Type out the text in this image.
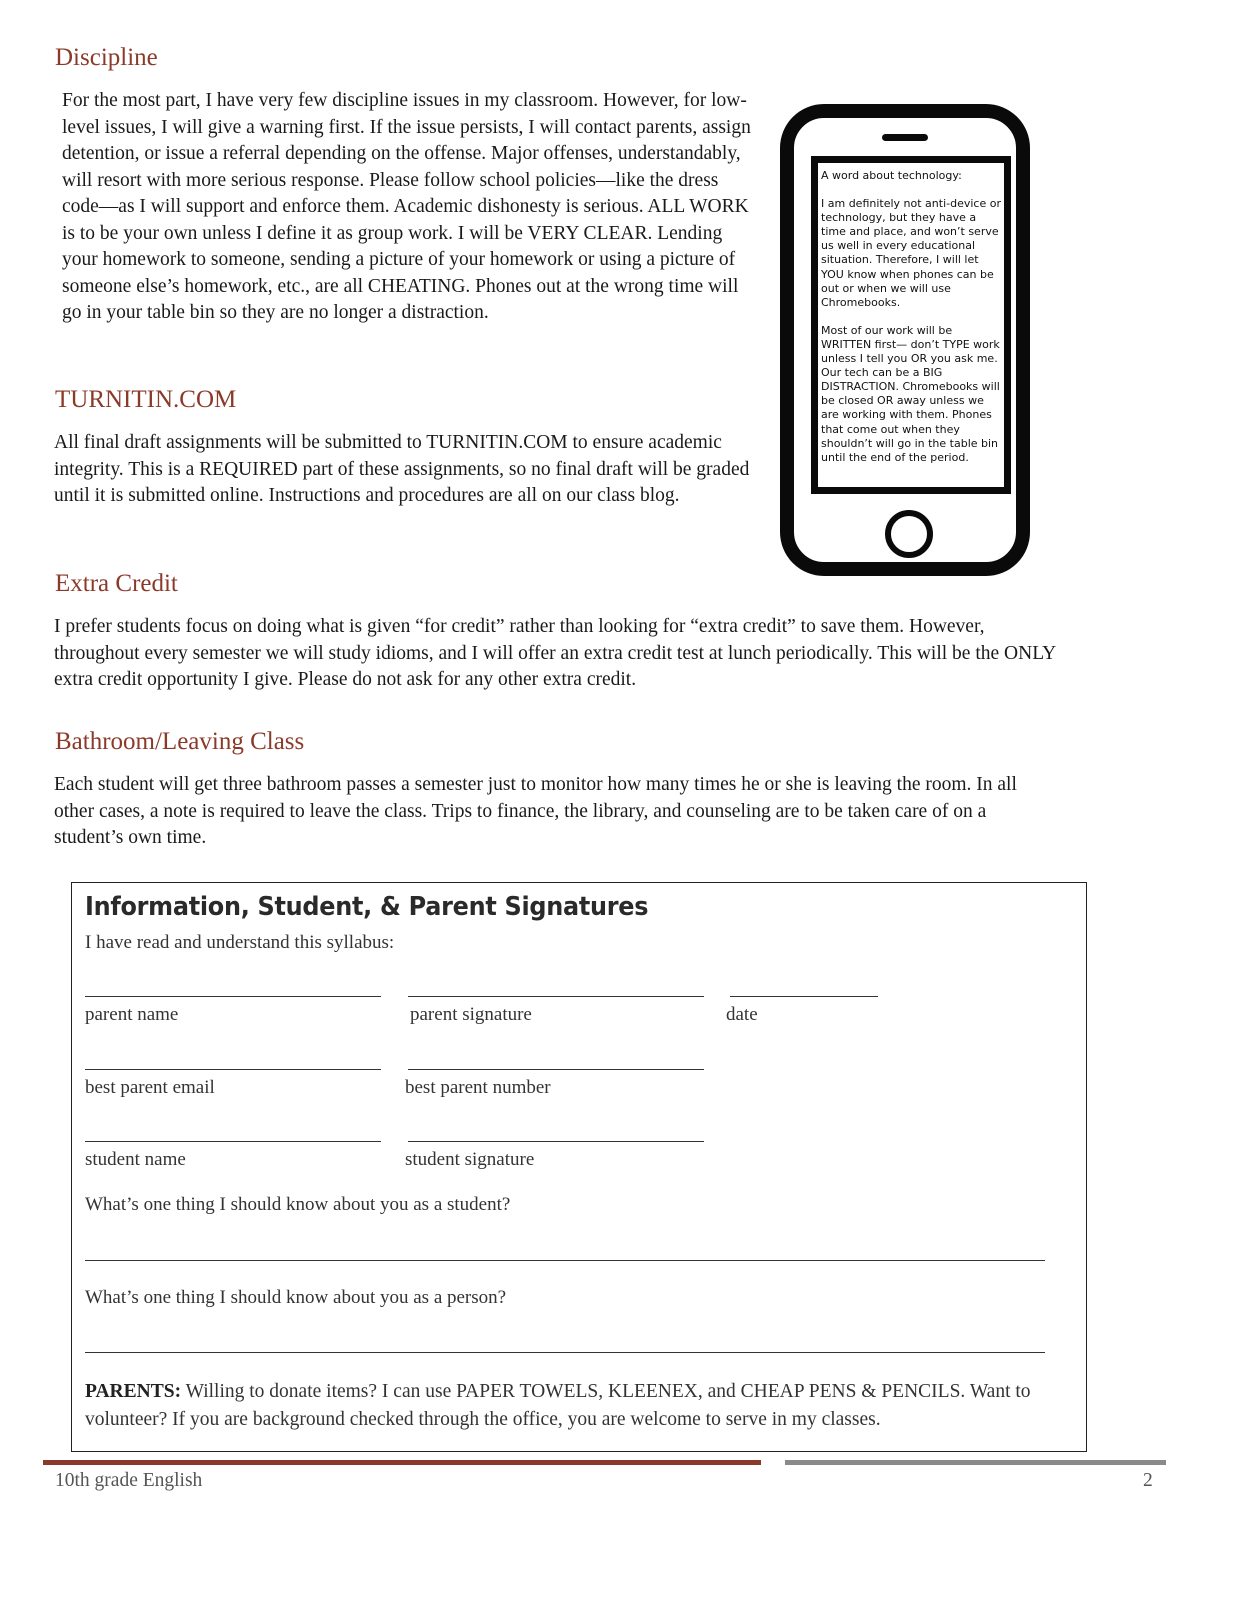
Discipline

For the most part, I have very few discipline issues in my classroom. However, for low-level issues, I will give a warning first. If the issue persists, I will contact parents, assign detention, or issue a referral depending on the offense. Major offenses, understandably, will resort with more serious response. Please follow school policies—like the dress code—as I will support and enforce them. Academic dishonesty is serious. ALL WORK is to be your own unless I define it as group work. I will be VERY CLEAR. Lending your homework to someone, sending a picture of your homework or using a picture of someone else’s homework, etc., are all CHEATING. Phones out at the wrong time will go in your table bin so they are no longer a distraction.

A word about technology:

I am definitely not anti-device or technology, but they have a time and place, and won’t serve us well in every educational situation. Therefore, I will let YOU know when phones can be out or when we will use Chromebooks.

Most of our work will be WRITTEN first— don’t TYPE work unless I tell you OR you ask me. Our tech can be a BIG DISTRACTION. Chromebooks will be closed OR away unless we are working with them. Phones that come out when they shouldn’t will go in the table bin until the end of the period.

TURNITIN.COM

All final draft assignments will be submitted to TURNITIN.COM to ensure academic integrity. This is a REQUIRED part of these assignments, so no final draft will be graded until it is submitted online. Instructions and procedures are all on our class blog.

Extra Credit

I prefer students focus on doing what is given “for credit” rather than looking for “extra credit” to save them. However, throughout every semester we will study idioms, and I will offer an extra credit test at lunch periodically. This will be the ONLY extra credit opportunity I give. Please do not ask for any other extra credit.

Bathroom/Leaving Class

Each student will get three bathroom passes a semester just to monitor how many times he or she is leaving the room. In all other cases, a note is required to leave the class. Trips to finance, the library, and counseling are to be taken care of on a student’s own time.

Information, Student, & Parent Signatures

I have read and understand this syllabus:

parent name	parent signature	date

best parent email	best parent number

student name	student signature

What’s one thing I should know about you as a student?

What’s one thing I should know about you as a person?

PARENTS: Willing to donate items? I can use PAPER TOWELS, KLEENEX, and CHEAP PENS & PENCILS. Want to volunteer? If you are background checked through the office, you are welcome to serve in my classes.

10th grade English	2
